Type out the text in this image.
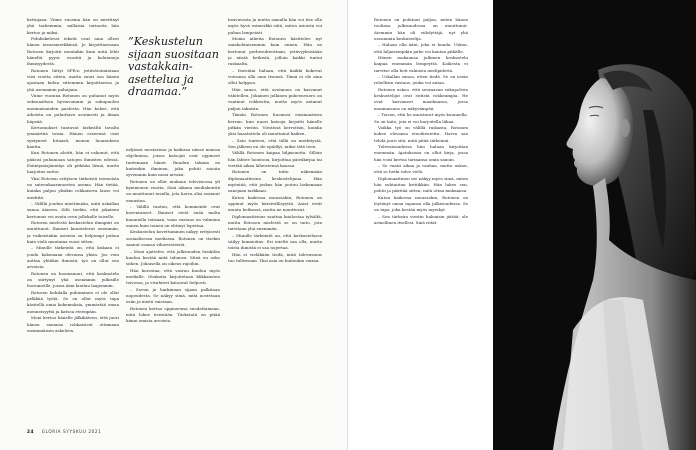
kettujana. Viime vuosina hän on miettinyt yhä tarkemmin, millaisia tarinoita hän kertoo ja miksi.

Pohdiskelevat tekstit ovat aina olleet hänen tavaramerkkinsä. Jo kirjoittaessaan Rotosen kirjoitti muutakin kuin mitä lehti häneltä pyysi: esseitä ja kolumneja ihmisyydestä.

Rotonen liittyi SPR:n ystävätoimintaan viisi vuotta sitten, mutta suuri osa hänen ajastaan kuluu sittemmin kirjoittaessa ja yhä useammin puhujana.

Viime vuosina Rotonen on puhunut myös seksuaalisen hyvinvoinnin ja sukupuolen moninaisuuden puolesta. Hän kokee, että aiheista on puhuttava avoimesti ja ilman häpeää.

Kertomukset tuntuvat tärkeältä tavalta ymmärtää toisia. Hänen esseensä ovat syntyneet hitaasti, monen luonnoksen kautta.

Kun Rotonen aloitti, hän ei uskonut, että pääsisi puhumaan satojen ihmisten edessä. Esiintymisjännitys oli pitkään läsnä, mutta harjoitus auttoi.

Yksi Rotosen erityisen tärkeistä teemoista on sateenkaarinuorten asema. Hän tietää, kuinka paljon yksikin rohkaiseva lause voi merkitä.

– Välillä joudun miettimään, mitä uskallan sanoa ääneen. Silti tiedän, että jokainen kertomus voi avata oven jollekulle toiselle.

Rotosen mielestä keskustelun ilmapiiri on muuttunut. Ihmiset kuuntelevat enemmän, ja vaikeistakin asioista on helpompi puhua kuin vielä muutama vuosi sitten.

– Minulle tärkeintä on, että kukaan ei joudu kokemaan olevansa yksin. Jos voin auttaa yhtäkin ihmistä, työ on ollut sen arvoista.

Rotonen on huomannut, että keskustelu on siirtynyt yhä useammin julkisille foorumeille, joissa ääni kuuluu laajemmin.

Rotosen kohdalla puhuminen ei ole ollut pelkkää työtä. Se on ollut myös tapa käsitellä omia kokemuksia, ymmärtää omaa menneisyyttä ja katsoa eteenpäin.

Moni kertoo hänelle jälkikäteen, että juuri hänen sanansa rohkaisivat ottamaan ensimmäisen askeleen.

”Keskustelun sijaan suositaan vastakkainasettelua ja draamaa.”

neljässä mestarissa ja kaikissa niissä muissa ohjelmissa, joissa katsojat ovat oppineet tuntemaan hänet. Ruudun takana on kuitenkin ihminen, joka pohtii asioita syvemmin kuin moni arvaisi.

Rotonen on ollut mukana televisiossa yli kymmenen vuotta. Sinä aikana mediakenttä on muuttunut tavalla, jota harva olisi osannut ennustaa.

– Välillä tuntuu, että kommentit ovat koventuneet. Ihmiset eivät enää malta kuunnella toisiaan, vaan vastaus on valmiina ennen kuin toinen on ehtinyt lopettaa.

Keskustelun kovettuminen näkyy erityisesti sosiaalisessa mediassa. Rotonen on itsekin saanut osansa vihaviesteistä.

– Moni ajattelee, että julkisuuden henkilön kuuluu kestää mitä tahansa. Minä en usko siihen. Jokaisella on oikeus rajoihin.

Hän korostaa, että vastuu kuuluu myös medialle. Otsikoita kirjoitetaan klikkausten toivossa, ja vivahteet katoavat helposti.

– Sovun ja harkinnan sijaan palkitaan nopeudesta. Se näkyy siinä, mitä nostetaan esiin ja mistä vaietaan.

Rotonen kertoo oppineensa suodattamaan, mitä lukee itsestään. Tärkeintä on pitää kiinni omista arvoista.

heavavasta ja mutta samalla hän voi itse olla myös hyvä esimerkki siitä, miten asioista voi puhua lempeästi.

Monia aiheita Rotonen käsittelee nyt omakohtaisemmin kuin ennen. Hän on kertonut perhesuhteistaan, ystävyyksistään ja niistä hetkistä, jolloin kaikki tuntui raskaalta.

– Itsestäni haluan, että kaikki kokevat voivansa olla oma itsensä. Tämä ei ole aina ollut helppoa.

Hän sanoo, että avoimuus on kasvanut vähitellen. Jokainen julkinen puheenvuoro on vaatinut rohkeutta, mutta myös antanut paljon takaisin.

Tämän Rotonen huomasi ensimmäisen kerran, kun nuori katsoja kirjoitti hänelle pitkän viestin. Viestissä kerrottiin, kuinka yksi haastattelu oli muuttanut kaiken.

– Sain tunteen, että tällä on merkitystä. Sen jälkeen en ole epäillyt, miksi tätä teen.

Välillä Rotonen kaipaa hiljaisuutta. Silloin hän lähtee luontoon, kirjoittaa päiväkirjaa tai viettää aikaa läheistensä kanssa.

Rotonen on tuttu näkemään diplomaattisena keskustelijana. Hän myöntää, että joskus hän joutuu laskemaan sanojaan tarkkaan.

Kuten kaikessa muussakin, Rotonen on oppinut myös kärsivällisyyttä. Asiat eivät muutu hetkessä, mutta ne muuttuvat.

Diplomaattisuus saattaa kuulostaa tylsältä, mutta Rotosen mielestä se on taito, jota tarvitaan yhä enemmän.

– Minulle tärkeintä on, että keskustelussa säilyy kunnioitus. Eri mieltä saa olla, mutta toista ihmistä ei saa nujertaa.

Hän ei vieläkään tiedä, mitä tulevaisuus tuo tullessaan. Yksi asia on kuitenkin varma.

24 GLORIA SYYSKUU 2021

Rotonen on pohtinut paljon, miten hänen roolinsa julkisuudessa on muuttunut. Aiemmin hän oli viihdyttäjä, nyt yhä useammin keskustelija.

– Haluan olla ääni, joka ei huuda. Uskon, että hiljaisempikin puhe voi kantaa pitkälle.

Hänen mukaansa julkinen keskustelu kaipaa enemmän lempeyttä. Kaikesta ei tarvitse olla heti valmista mielipidettä.

– Uskallan sanoa, etten tiedä. Se on usein rehellisin vastaus, jonka voi antaa.

Rotonen uskoo, että seuraavan sukupolven keskustelijat ovat entistä rohkeampia. He ovat kasvaneet maailmassa, jossa moninaisuus on näkyvämpää.

– Toivon, että he muistavat myös kuunnella. Se on taito, jota ei voi harjoitella liikaa.

Vaikka työ on välillä raskasta, Rotonen kokee olevansa etuoikeutettu. Harva saa tehdä juuri sitä, mitä pitää tärkeänä.

Tulevaisuudessa hän haluaa kirjoittaa enemmän. Ajatuksissa on ollut kirja, jossa hän voisi kertoa tarinansa omin sanoin.

– Se vaatii aikaa ja rauhaa, mutta uskon, että se hetki tulee vielä.

Diplomaattinen ote näkyy myös siinä, miten hän suhtautuu kritiikkiin. Hän lukee sen, pohtii ja päättää sitten, mitä ottaa mukaansa.

Kuten kaikessa muussakin, Rotonen on löytänyt oman tapansa olla julkisuudessa. Se on tapa, joka kestää myös myrskyt.

– Sen tärkeän viestin haluaisin jättää: ole armollinen itsellesi. Sinä riität.
